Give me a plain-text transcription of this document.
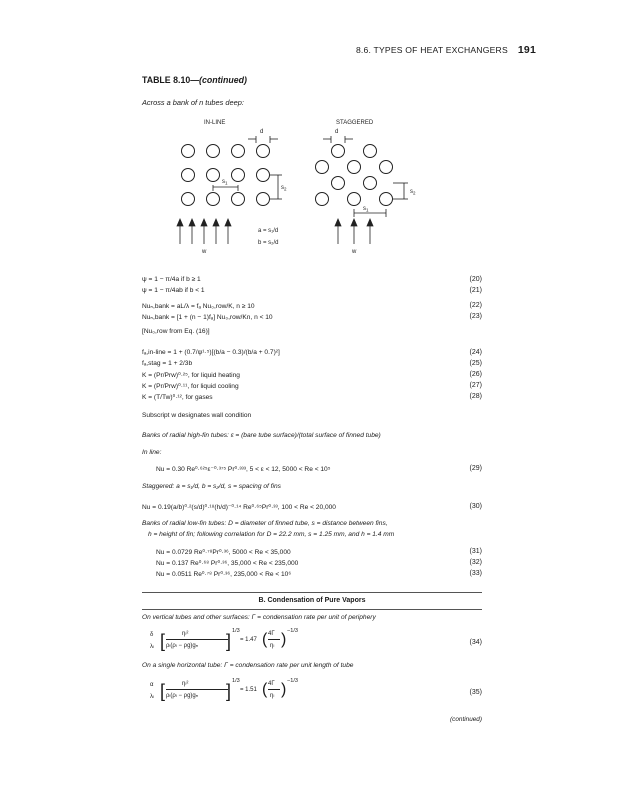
8.6. TYPES OF HEAT EXCHANGERS 191
TABLE 8.10—(continued)
Across a bank of n tubes deep:
IN-LINE	STAGGERED
d	d
$s_1$
$s_1$
$s_2$	$s_2$
w	w
a = s₁/d
b = s₂/d
ψ = 1 − π/4a if b ≥ 1	(20)
ψ = 1 − π/4ab if b < 1	(21)
Nuₙ,bank = aL/λ = fₐ Nu₀,row/K, n ≥ 10	(22)
Nuₙ,bank = [1 + (n − 1)fₐ] Nu₀,row/Kn, n < 10	(23)
[Nu₀,row from Eq. (16)]
fₐ,in-line = 1 + (0.7/ψ¹·⁵)[(b/a − 0.3)/(b/a + 0.7)²]	(24)
fₐ,stag = 1 + 2/3b	(25)
K = (Pr/Prw)⁰·²⁵, for liquid heating	(26)
K = (Pr/Prw)⁰·¹¹, for liquid cooling	(27)
K = (T/Tw)⁰·¹², for gases	(28)
Subscript w designates wall condition
Banks of radial high-fin tubes: ε = (bare tube surface)/(total surface of finned tube)
In line:
Nu = 0.30 Re⁰·⁶²⁵ε⁻⁰·³⁷⁵ Pr⁰·³³³, 5 < ε < 12, 5000 < Re < 10⁵	(29)
Staggered: a = s₁/d, b = s₂/d, s = spacing of fins
Nu = 0.19(a/b)⁰·²(s/d)⁰·¹⁸(h/d)⁻⁰·¹⁴ Re⁰·⁶⁵Pr⁰·³³, 100 < Re < 20,000	(30)
Banks of radial low-fin tubes: D = diameter of finned tube, s = distance between fins,
h = height of fin; following correlation for D = 22.2 mm, s = 1.25 mm, and h = 1.4 mm
Nu = 0.0729 Re⁰·⁷⁸Pr⁰·³⁶, 5000 < Re < 35,000	(31)
Nu = 0.137 Re⁰·⁶⁸ Pr⁰·³⁶, 35,000 < Re < 235,000	(32)
Nu = 0.0511 Re⁰·⁷⁸ Pr⁰·³⁶, 235,000 < Re < 10⁶	(33)
B. Condensation of Pure Vapors
On vertical tubes and other surfaces: Γ = condensation rate per unit of periphery
δ
λₗ [	ηₗ²
ρₗ(ρₗ − ρg)gₙ ] 1/3
= 1.47 ( 4Γ
ηₗ ) −1/3
(34)
On a single horizontal tube: Γ = condensation rate per unit length of tube
α
λₗ [	ηₗ²
ρₗ(ρₗ − ρg)gₙ ] 1/3
= 1.51 ( 4Γ
ηₗ ) −1/3
(35)
(continued)
